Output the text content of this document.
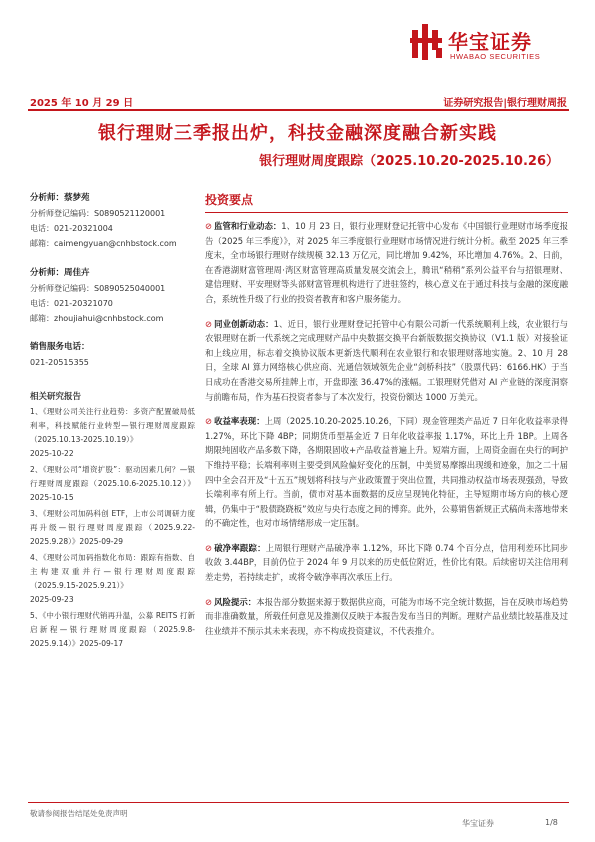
华宝证券
HWABAO SECURITIES
2025 年 10 月 29 日	证券研究报告|银行理财周报
银行理财三季报出炉，科技金融深度融合新实践
银行理财周度跟踪（2025.10.20-2025.10.26）
分析师：蔡梦苑
分析师登记编码：S0890521120001
电话：021-20321004
邮箱：caimengyuan@cnhbstock.com
分析师：周佳卉
分析师登记编码：S0890525040001
电话：021-20321070
邮箱：zhoujiahui@cnhbstock.com
销售服务电话：
021-20515355
相关研究报告
1、《理财公司关注行业趋势：多资产配置破局低利率，科技赋能行业转型—银行理财周度跟踪（2025.10.13-2025.10.19）》
2025-10-22
2、《理财公司“增资扩股”：驱动因素几何？—银行理财周度跟踪（2025.10.6-2025.10.12）》2025-10-15
3、《理财公司加码科创 ETF，上市公司调研力度再升级—银行理财周度跟踪（2025.9.22-2025.9.28）》2025-09-29
4、《理财公司加码指数化布局：跟踪有指数、自主构建双重并行—银行理财周度跟踪（2025.9.15-2025.9.21）》
2025-09-23
5、《中小银行理财代销再升温，公募 REITS 打新启新程—银行理财周度跟踪（2025.9.8-2025.9.14）》2025-09-17
投资要点
⊘ 监管和行业动态：1、10 月 23 日，银行业理财登记托管中心发布《中国银行业理财市场季度报告（2025 年三季度）》，对 2025 年三季度银行业理财市场情况进行统计分析。截至 2025 年三季度末，全市场银行理财存续规模 32.13 万亿元，同比增加 9.42%，环比增加 4.76%。2、日前，在香港湖财富管理周·湾区财富管理高质量发展交流会上，腾讯“稍稍”系列公益平台与招银理财、建信理财、平安理财等头部财富管理机构进行了进驻签约，核心意义在于通过科技与金融的深度融合，系统性升级了行业的投资者教育和客户服务能力。
⊘ 同业创新动态：1、近日，银行业理财登记托管中心有限公司新一代系统顺利上线，农业银行与农银理财在新一代系统之完成理财产品中央数据交换平台新版数据交换协议（V1.1 版）对接验证和上线应用，标志着交换协议版本更新迭代顺利在农业银行和农银理财落地实施。2、10 月 28 日，全球 AI 算力网络核心供应商、光通信领域领先企业“剑桥科技”（股票代码：6166.HK）于当日成功在香港交易所挂牌上市，开盘即涨 36.47%的涨幅。工银理财凭借对 AI 产业链的深度洞察与前瞻布局，作为基石投资者参与了本次发行，投资份额达 1000 万美元。
⊘ 收益率表现：上周（2025.10.20-2025.10.26，下同）现金管理类产品近 7 日年化收益率录得 1.27%，环比下降 4BP；同期货币型基金近 7 日年化收益率报 1.17%，环比上升 1BP。上周各期限纯固收产品多数下降，各期限固收+产品收益普遍上升。短端方面，上周资金面在央行的呵护下维持平稳；长端利率则主要受到风险偏好变化的压制，中美贸易摩擦出现缓和迹象，加之二十届四中全会召开及“十五五”规划将科技与产业政策置于突出位置，共同推动权益市场表现强劲，导致长端利率有所上行。当前，债市对基本面数据的反应呈现钝化特征，主导短期市场方向的核心逻辑，仍集中于“股债跷跷板”效应与央行态度之间的博弈。此外，公募销售新规正式稿尚未落地带来的不确定性，也对市场情绪形成一定压制。
⊘ 破净率跟踪：上周银行理财产品破净率 1.12%，环比下降 0.74 个百分点，信用利差环比同步收敛 3.44BP，目前仍位于 2024 年 9 月以来的历史低位附近，性价比有限。后续密切关注信用利差走势，若持续走扩，或将令破净率再次承压上行。
⊘ 风险提示：本报告部分数据来源于数据供应商，可能为市场不完全统计数据，旨在反映市场趋势而非准确数量，所载任何意见及推测仅反映于本报告发布当日的判断。理财产品业绩比较基准及过往业绩并不预示其未来表现，亦不构成投资建议，不代表推介。
敬请参阅报告结尾处免责声明
华宝证券	1/8
